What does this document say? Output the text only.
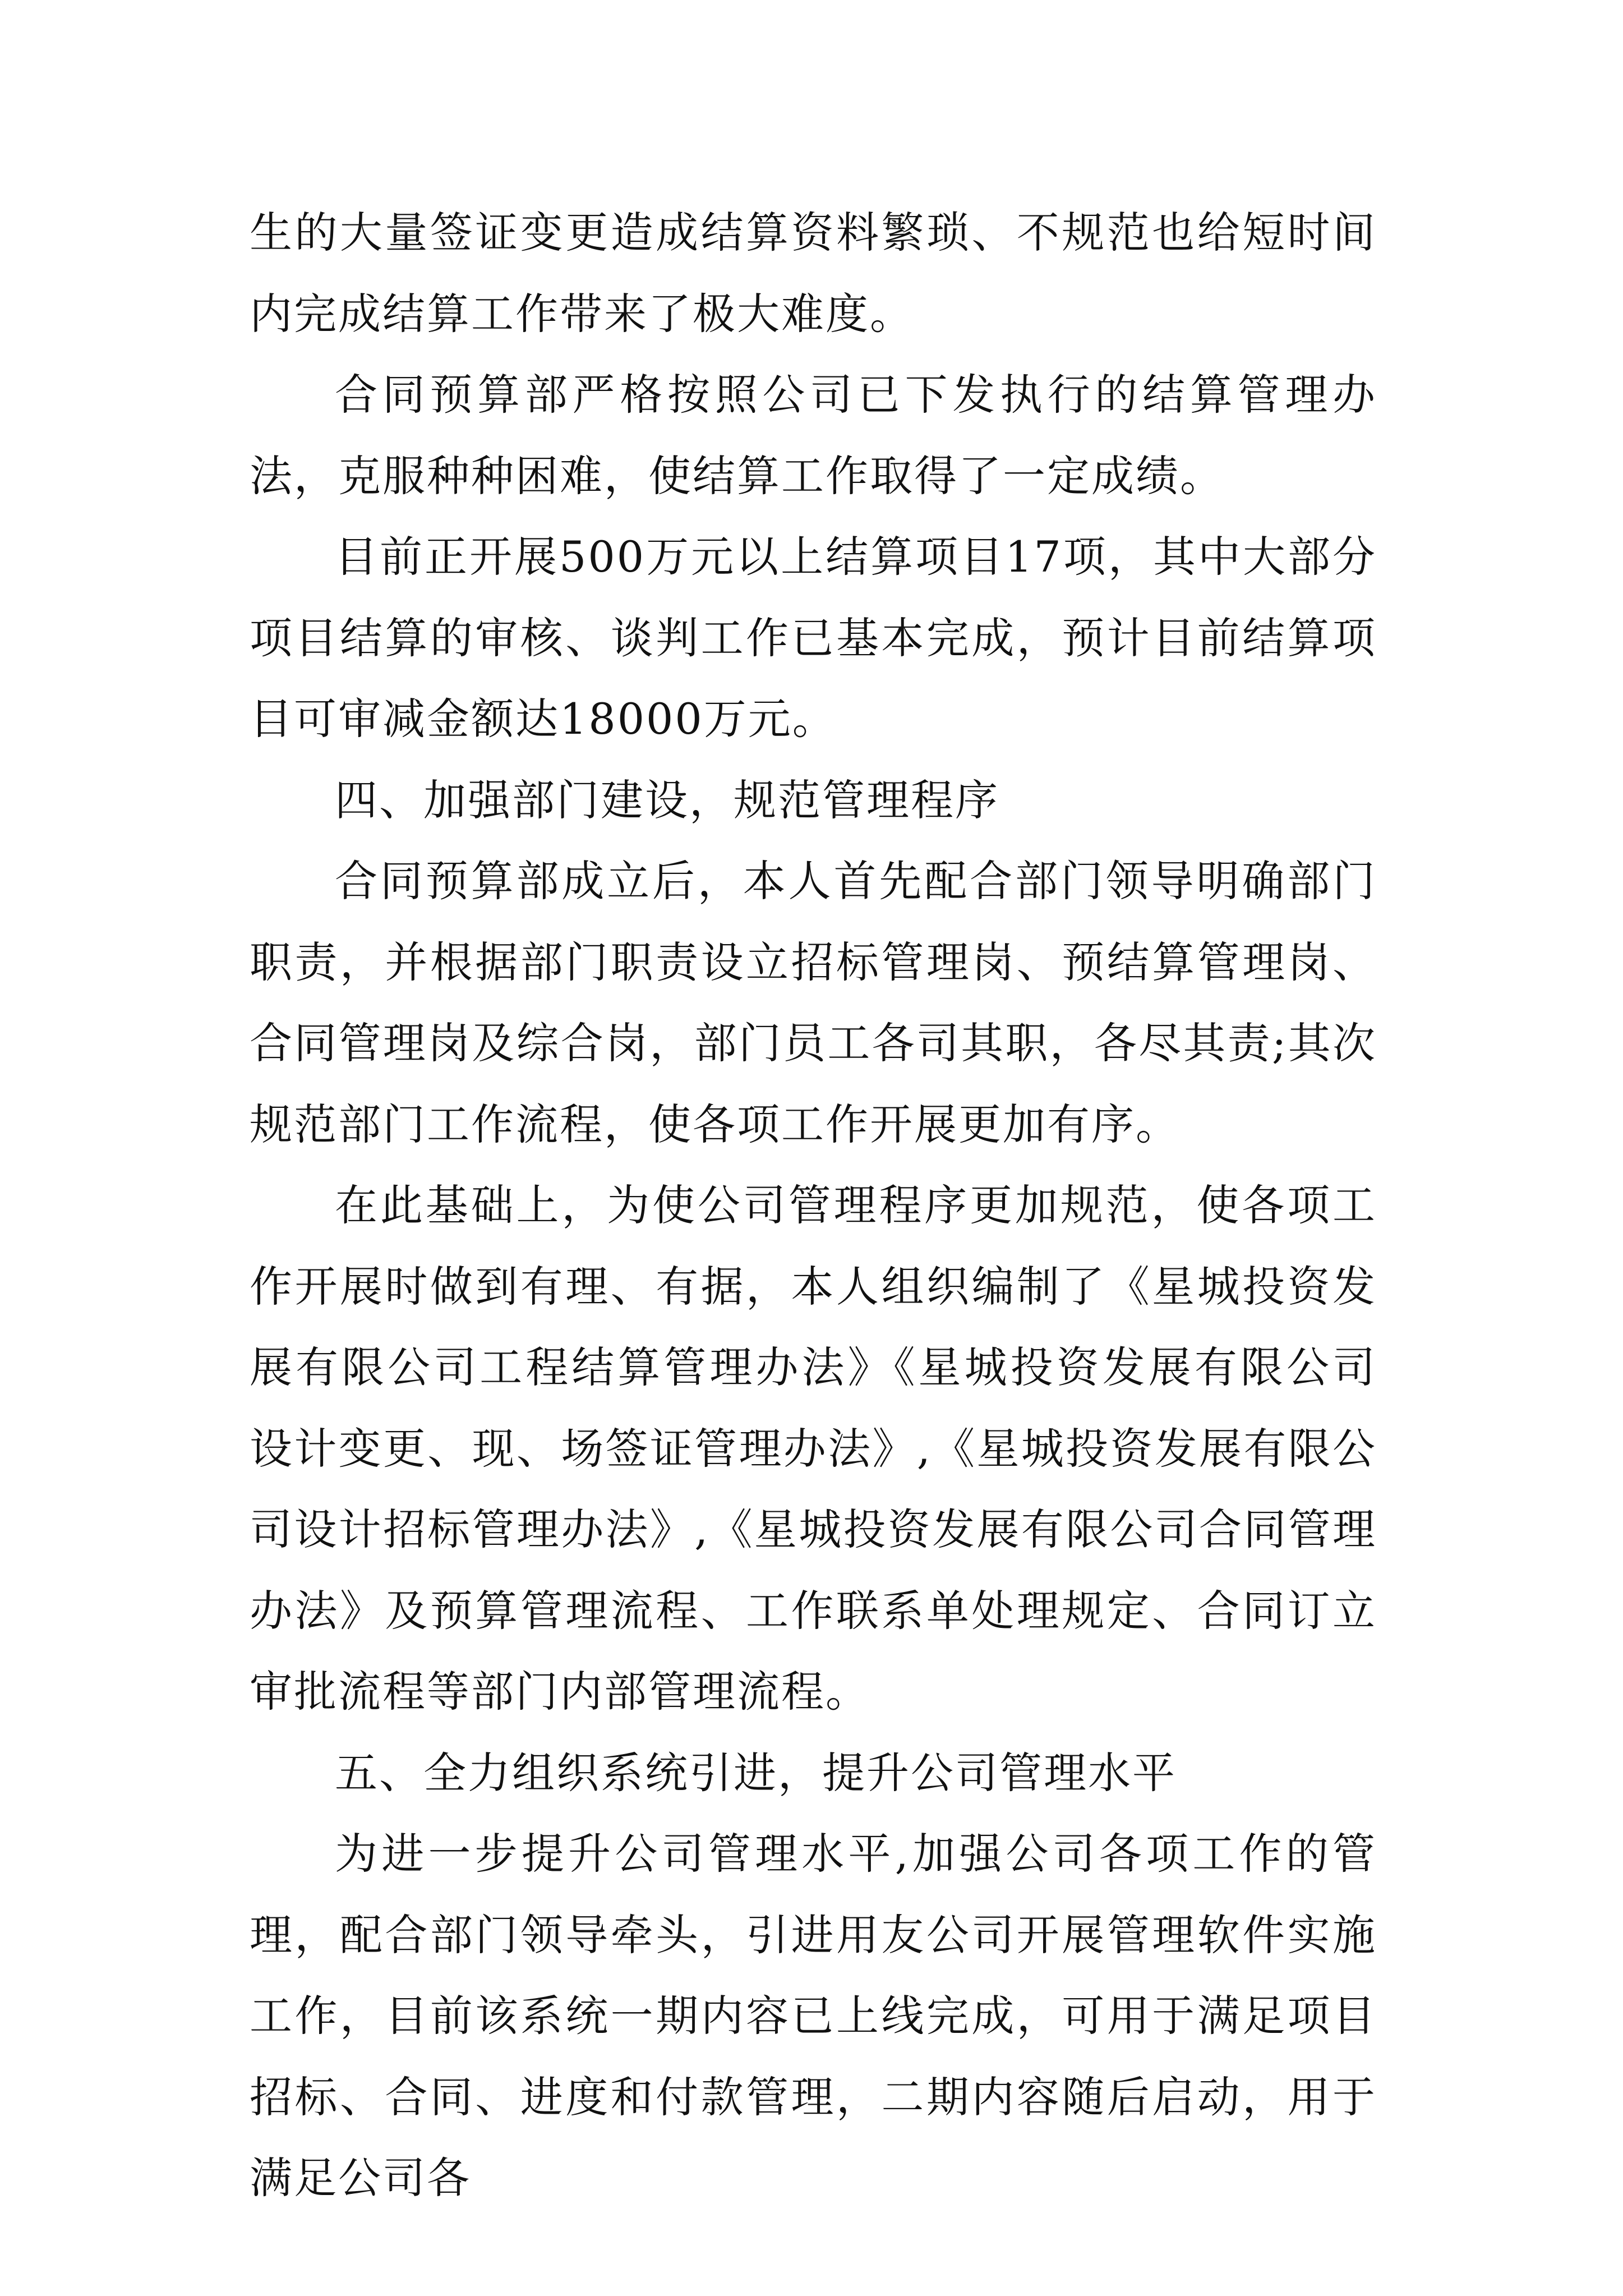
生的大量签证变更造成结算资料繁琐、不规范也给短时间内完成结算工作带来了极大难度。

合同预算部严格按照公司已下发执行的结算管理办法，克服种种困难，使结算工作取得了一定成绩。

目前正开展500万元以上结算项目17项，其中大部分项目结算的审核、谈判工作已基本完成，预计目前结算项目可审减金额达18000万元。

四、加强部门建设，规范管理程序

合同预算部成立后，本人首先配合部门领导明确部门职责，并根据部门职责设立招标管理岗、预结算管理岗、合同管理岗及综合岗，部门员工各司其职，各尽其责;其次规范部门工作流程，使各项工作开展更加有序。

在此基础上，为使公司管理程序更加规范，使各项工作开展时做到有理、有据，本人组织编制了《星城投资发展有限公司工程结算管理办法》《星城投资发展有限公司设计变更、现、场签证管理办法》,《星城投资发展有限公司设计招标管理办法》,《星城投资发展有限公司合同管理办法》及预算管理流程、工作联系单处理规定、合同订立审批流程等部门内部管理流程。

五、全力组织系统引进，提升公司管理水平

为进一步提升公司管理水平,加强公司各项工作的管理，配合部门领导牵头，引进用友公司开展管理软件实施工作，目前该系统一期内容已上线完成，可用于满足项目招标、合同、进度和付款管理，二期内容随后启动，用于满足公司各
